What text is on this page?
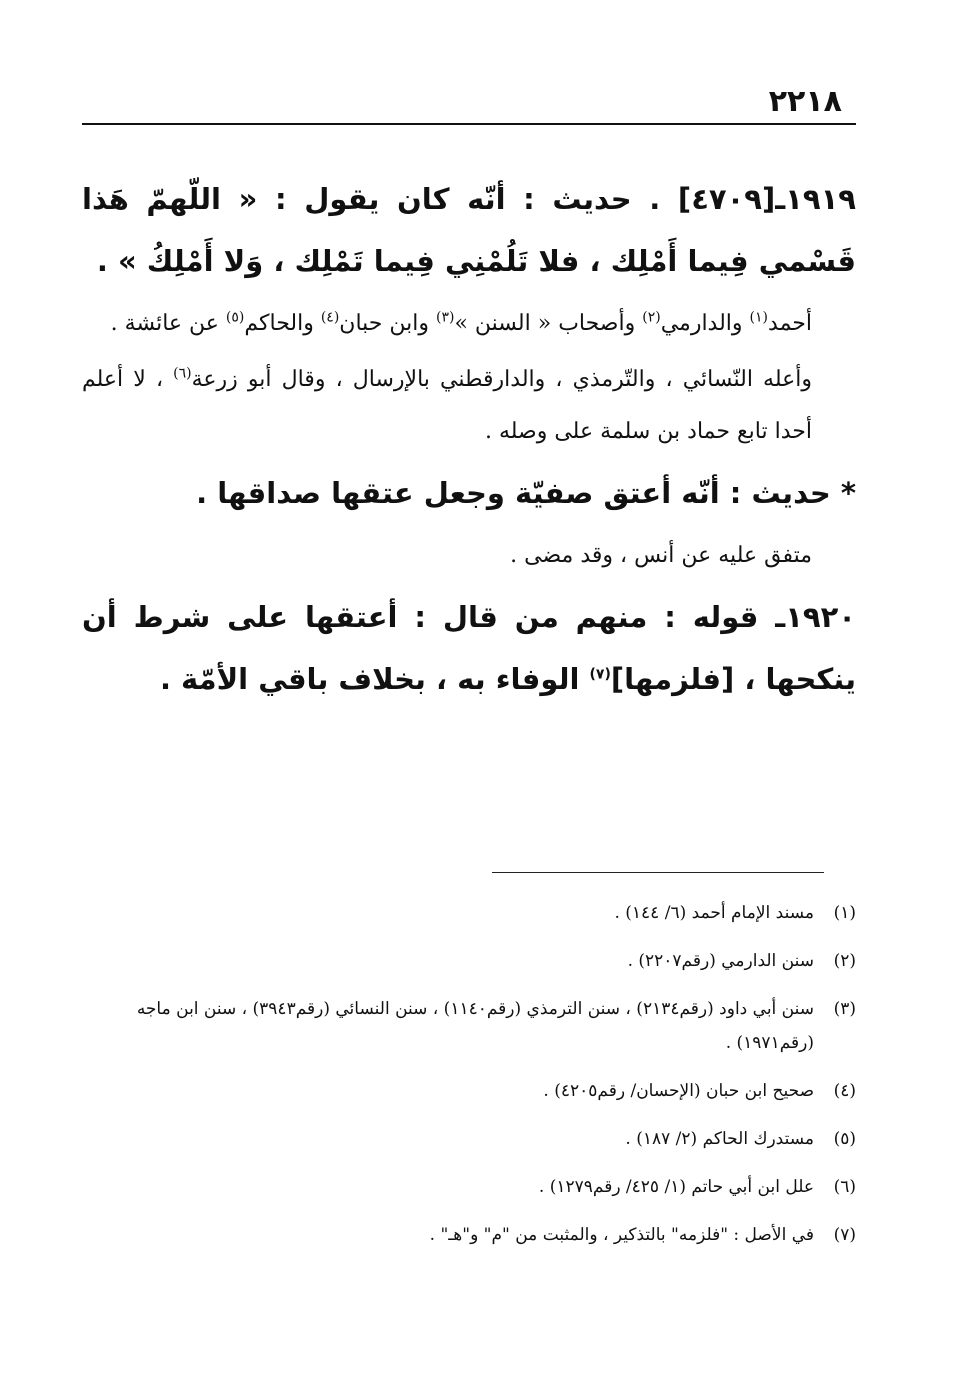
٢٢١٨

١٩١٩ـ[٤٧٠٩] . حديث : أنّه كان يقول : « اللّهمّ هَذا قَسْمي فِيما أَمْلِك ، فلا تَلُمْنِي فِيما تَمْلِك ، وَلا أَمْلِكُ » .

أحمد$^{(١)}$ والدارمي$^{(٢)}$ وأصحاب « السنن »$^{(٣)}$ وابن حبان$^{(٤)}$ والحاكم$^{(٥)}$ عن عائشة .

وأعله النّسائي ، والتّرمذي ، والدارقطني بالإرسال ، وقال أبو زرعة$^{(٦)}$ ، لا أعلم أحدا تابع حماد بن سلمة على وصله .

* حديث : أنّه أعتق صفيّة وجعل عتقها صداقها .

متفق عليه عن أنس ، وقد مضى .

١٩٢٠ـ قوله : منهم من قال : أعتقها على شرط أن ينكحها ، [فلزمها]$^{(٧)}$ الوفاء به ، بخلاف باقي الأمّة .

(١)
مسند الإمام أحمد (٦/ ١٤٤) .
(٢)
سنن الدارمي (رقم٢٢٠٧) .
(٣)
سنن أبي داود (رقم٢١٣٤) ، سنن الترمذي (رقم١١٤٠) ، سنن النسائي (رقم٣٩٤٣) ، سنن ابن ماجه (رقم١٩٧١) .
(٤)
صحيح ابن حبان (الإحسان/ رقم٤٢٠٥) .
(٥)
مستدرك الحاكم (٢/ ١٨٧) .
(٦)
علل ابن أبي حاتم (١/ ٤٢٥/ رقم١٢٧٩) .
(٧)
في الأصل : "فلزمه" بالتذكير ، والمثبت من "م" و"هـ" .
